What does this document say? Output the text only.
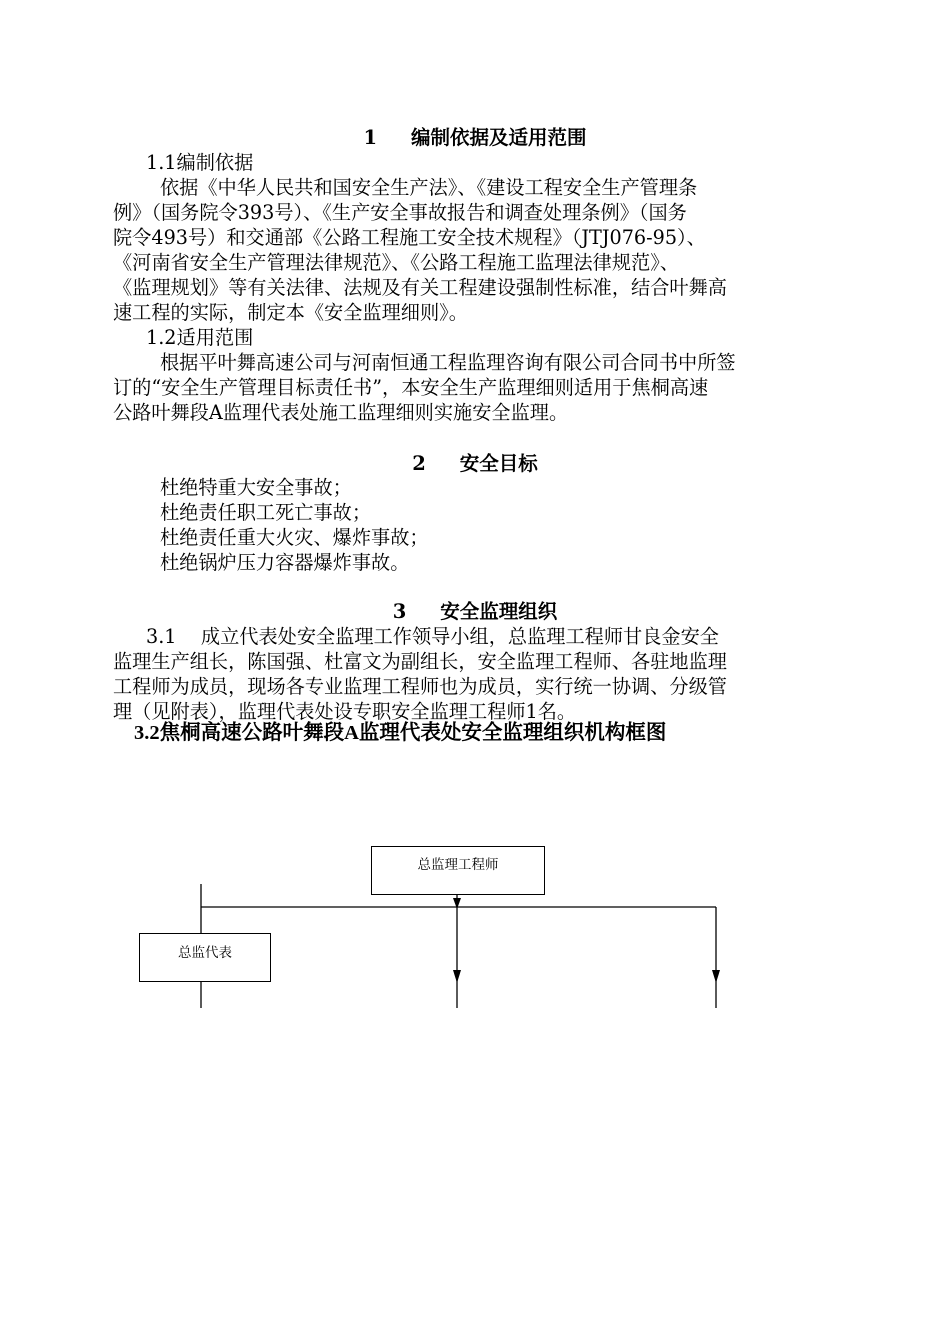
1 编制依据及适用范围
1.1编制依据
依据《中华人民共和国安全生产法》、《建设工程安全生产管理条
例》（国务院令393号）、《生产安全事故报告和调查处理条例》（国务
院令493号）和交通部《公路工程施工安全技术规程》（JTJ076-95）、
《河南省安全生产管理法律规范》、《公路工程施工监理法律规范》、
《监理规划》等有关法律、法规及有关工程建设强制性标准，结合叶舞高
速工程的实际，制定本《安全监理细则》。
1.2适用范围
根据平叶舞高速公司与河南恒通工程监理咨询有限公司合同书中所签
订的“安全生产管理目标责任书”，本安全生产监理细则适用于焦桐高速
公路叶舞段A监理代表处施工监理细则实施安全监理。
2 安全目标
杜绝特重大安全事故；
杜绝责任职工死亡事故；
杜绝责任重大火灾、爆炸事故；
杜绝锅炉压力容器爆炸事故。
3 安全监理组织
3.1    成立代表处安全监理工作领导小组，总监理工程师甘良金安全
监理生产组长，陈国强、杜富文为副组长，安全监理工程师、各驻地监理
工程师为成员，现场各专业监理工程师也为成员，实行统一协调、分级管
理（见附表），监理代表处设专职安全监理工程师1名。
3.2焦桐高速公路叶舞段A监理代表处安全监理组织机构框图
总监理工程师
总监代表
